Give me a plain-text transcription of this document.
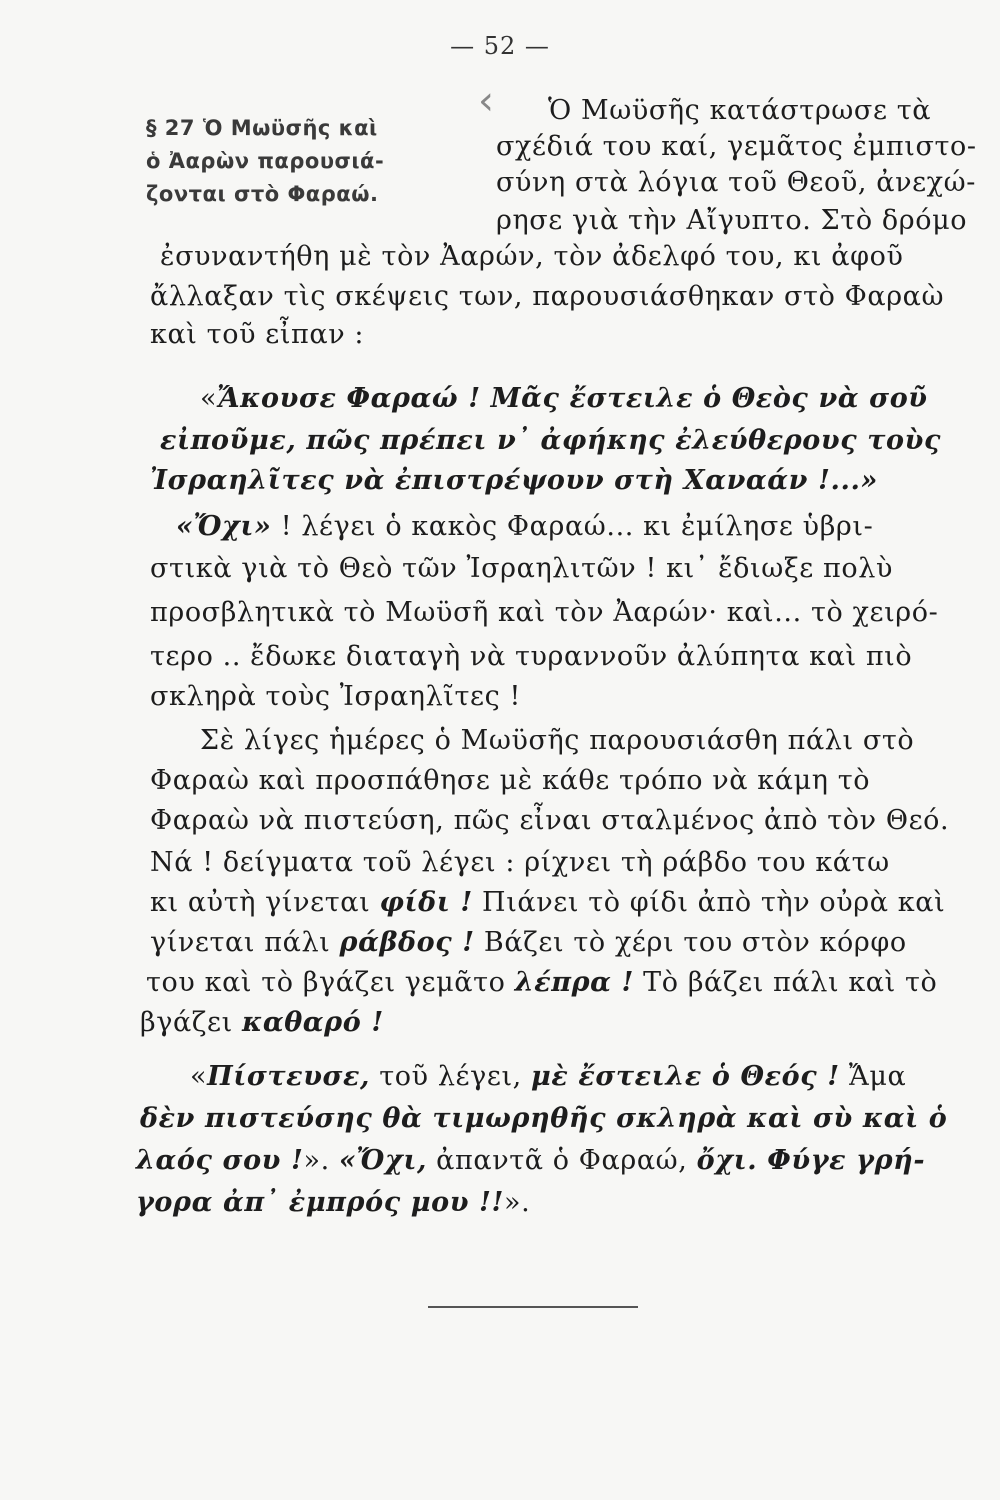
— 52 —
§ 27 Ὁ Μωϋσῆς καὶ
ὁ Ἀαρὼν παρουσιά-
ζονται στὸ Φαραώ.
‹ Ὁ Μωϋσῆς κατάστρωσε τὰ
σχέδιά του καί, γεμᾶτος ἐμπιστο-
σύνη στὰ λόγια τοῦ Θεοῦ, ἀνεχώ-
ρησε γιὰ τὴν Αἴγυπτο. Στὸ δρόμο
ἐσυναντήθη μὲ τὸν Ἀαρών, τὸν ἀδελφό του, κι ἀφοῦ
ἄλλαξαν τὶς σκέψεις των, παρουσιάσθηκαν στὸ Φαραὼ
καὶ τοῦ εἶπαν :
«Ἄκουσε Φαραώ ! Μᾶς ἔστειλε ὁ Θεὸς νὰ σοῦ
εἰποῦμε, πῶς πρέπει ν᾿ ἀφήκης ἐλεύθερους τοὺς
Ἰσραηλῖτες νὰ ἐπιστρέψουν στὴ Χαναάν !...»
«Ὄχι» ! λέγει ὁ κακὸς Φαραώ... κι ἐμίλησε ὑβρι-
στικὰ γιὰ τὸ Θεὸ τῶν Ἰσραηλιτῶν ! κι᾿ ἔδιωξε πολὺ
προσβλητικὰ τὸ Μωϋσῆ καὶ τὸν Ἀαρών· καὶ... τὸ χειρό-
τερο .. ἔδωκε διαταγὴ νὰ τυραννοῦν ἀλύπητα καὶ πιὸ
σκληρὰ τοὺς Ἰσραηλῖτες !
Σὲ λίγες ἡμέρες ὁ Μωϋσῆς παρουσιάσθη πάλι στὸ
Φαραὼ καὶ προσπάθησε μὲ κάθε τρόπο νὰ κάμη τὸ
Φαραὼ νὰ πιστεύση, πῶς εἶναι σταλμένος ἀπὸ τὸν Θεό.
Νά ! δείγματα τοῦ λέγει : ρίχνει τὴ ράβδο του κάτω
κι αὐτὴ γίνεται φίδι ! Πιάνει τὸ φίδι ἀπὸ τὴν οὐρὰ καὶ
γίνεται πάλι ράβδος ! Βάζει τὸ χέρι του στὸν κόρφο
του καὶ τὸ βγάζει γεμᾶτο λέπρα ! Τὸ βάζει πάλι καὶ τὸ
βγάζει καθαρό !
«Πίστευσε, τοῦ λέγει, μὲ ἔστειλε ὁ Θεός ! Ἄμα
δὲν πιστεύσης θὰ τιμωρηθῆς σκληρὰ καὶ σὺ καὶ ὁ
λαός σου !». «Ὄχι, ἀπαντᾶ ὁ Φαραώ, ὄχι. Φύγε γρή-
γορα ἀπ᾿ ἐμπρός μου !!».
